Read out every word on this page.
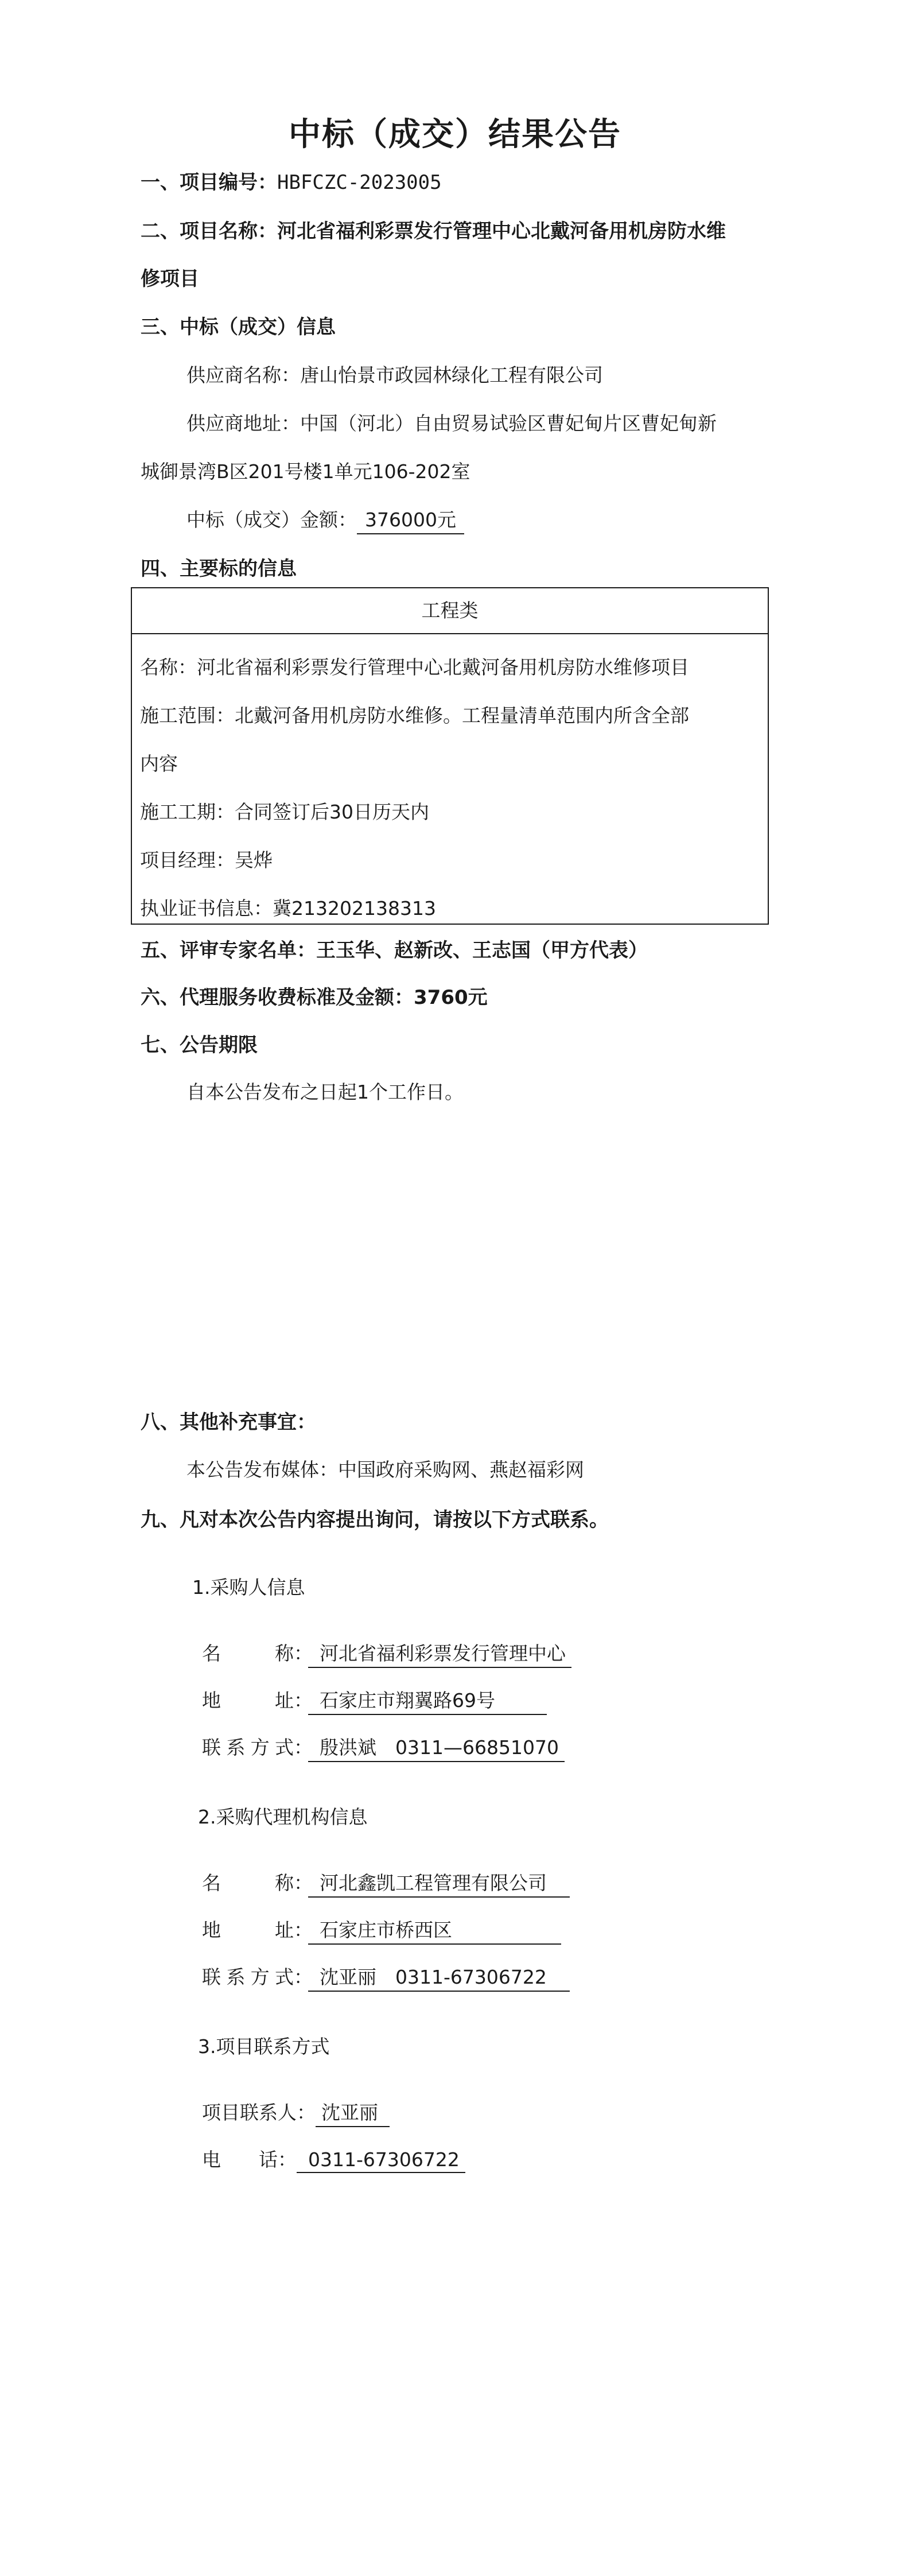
中标（成交）结果公告
一、项目编号：HBFCZC-2023005
二、项目名称：河北省福利彩票发行管理中心北戴河备用机房防水维
修项目
三、中标（成交）信息
供应商名称：唐山怡景市政园林绿化工程有限公司
供应商地址：中国（河北）自由贸易试验区曹妃甸片区曹妃甸新
城御景湾B区201号楼1单元106-202室
中标（成交）金额： 376000元
四、主要标的信息
工程类
名称：河北省福利彩票发行管理中心北戴河备用机房防水维修项目
施工范围：北戴河备用机房防水维修。工程量清单范围内所含全部
内容
施工工期：合同签订后30日历天内
项目经理：吴烨
执业证书信息：冀213202138313
五、评审专家名单：王玉华、赵新改、王志国（甲方代表）
六、代理服务收费标准及金额：3760元
七、公告期限
自本公告发布之日起1个工作日。
八、其他补充事宜：
本公告发布媒体：中国政府采购网、燕赵福彩网
九、凡对本次公告内容提出询问，请按以下方式联系。
1.采购人信息
名　　称 ： 河北省福利彩票发行管理中心
地　　址 ： 石家庄市翔翼路69号
联系方式 ： 殷洪斌　0311—66851070
2.采购代理机构信息
名　　称 ： 河北鑫凯工程管理有限公司
地　　址 ： 石家庄市桥西区
联系方式 ： 沈亚丽　0311-67306722
3.项目联系方式
项目联系人： 沈亚丽
电　　话： 0311-67306722
